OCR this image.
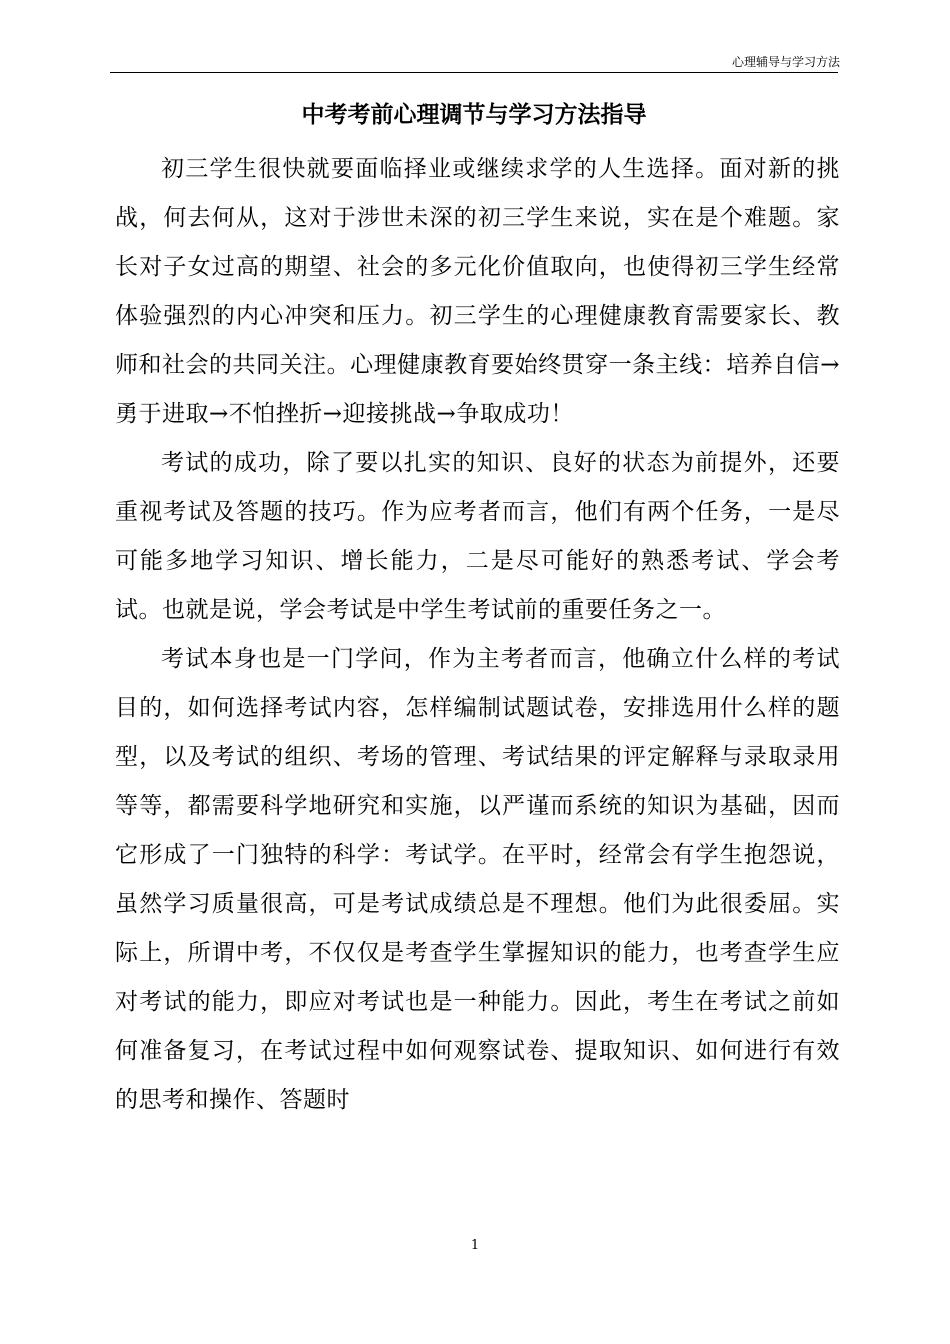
心理辅导与学习方法
中考考前心理调节与学习方法指导

初三学生很快就要面临择业或继续求学的人生选择。面对新的挑战，何去何从，这对于涉世未深的初三学生来说，实在是个难题。家长对子女过高的期望、社会的多元化价值取向，也使得初三学生经常体验强烈的内心冲突和压力。初三学生的心理健康教育需要家长、教师和社会的共同关注。心理健康教育要始终贯穿一条主线：培养自信→勇于进取→不怕挫折→迎接挑战→争取成功！

考试的成功，除了要以扎实的知识、良好的状态为前提外，还要重视考试及答题的技巧。作为应考者而言，他们有两个任务，一是尽可能多地学习知识、增长能力，二是尽可能好的熟悉考试、学会考试。也就是说，学会考试是中学生考试前的重要任务之一。

考试本身也是一门学问，作为主考者而言，他确立什么样的考试目的，如何选择考试内容，怎样编制试题试卷，安排选用什么样的题型，以及考试的组织、考场的管理、考试结果的评定解释与录取录用等等，都需要科学地研究和实施，以严谨而系统的知识为基础，因而它形成了一门独特的科学：考试学。在平时，经常会有学生抱怨说，虽然学习质量很高，可是考试成绩总是不理想。他们为此很委屈。实际上，所谓中考，不仅仅是考查学生掌握知识的能力，也考查学生应对考试的能力，即应对考试也是一种能力。因此，考生在考试之前如何准备复习，在考试过程中如何观察试卷、提取知识、如何进行有效的思考和操作、答题时

1
